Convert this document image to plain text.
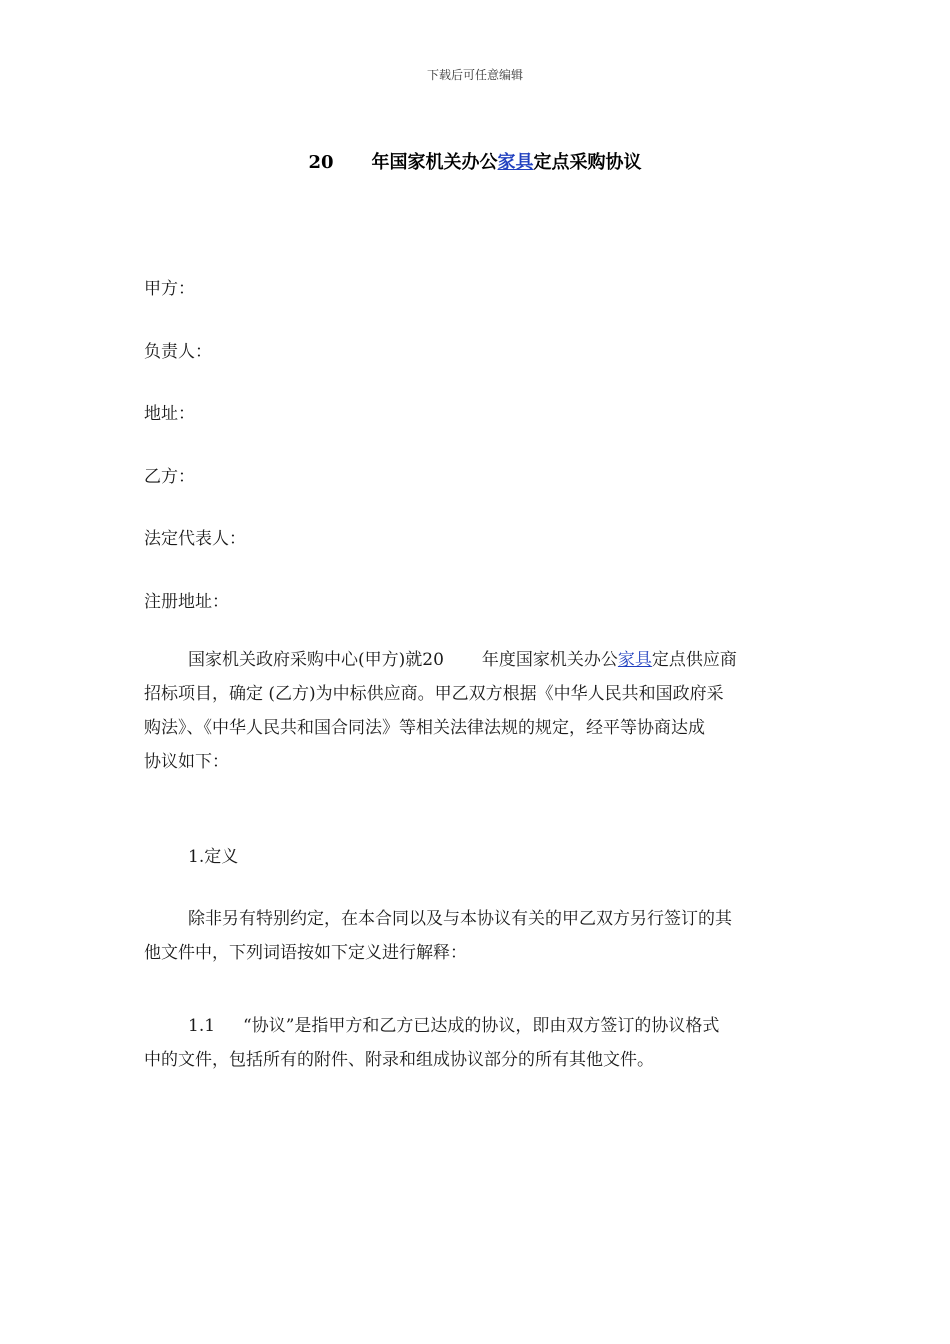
下载后可任意编辑
20 年国家机关办公家具定点采购协议
甲方：
负责人：
地址：
乙方：
法定代表人：
注册地址：
国家机关政府采购中心(甲方)就20 年度国家机关办公家具定点供应商
招标项目，确定 (乙方)为中标供应商。甲乙双方根据《中华人民共和国政府采
购法》、《中华人民共和国合同法》等相关法律法规的规定，经平等协商达成
协议如下：
1.定义
除非另有特别约定，在本合同以及与本协议有关的甲乙双方另行签订的其
他文件中，下列词语按如下定义进行解释：
1.1 “协议”是指甲方和乙方已达成的协议，即由双方签订的协议格式
中的文件，包括所有的附件、附录和组成协议部分的所有其他文件。
